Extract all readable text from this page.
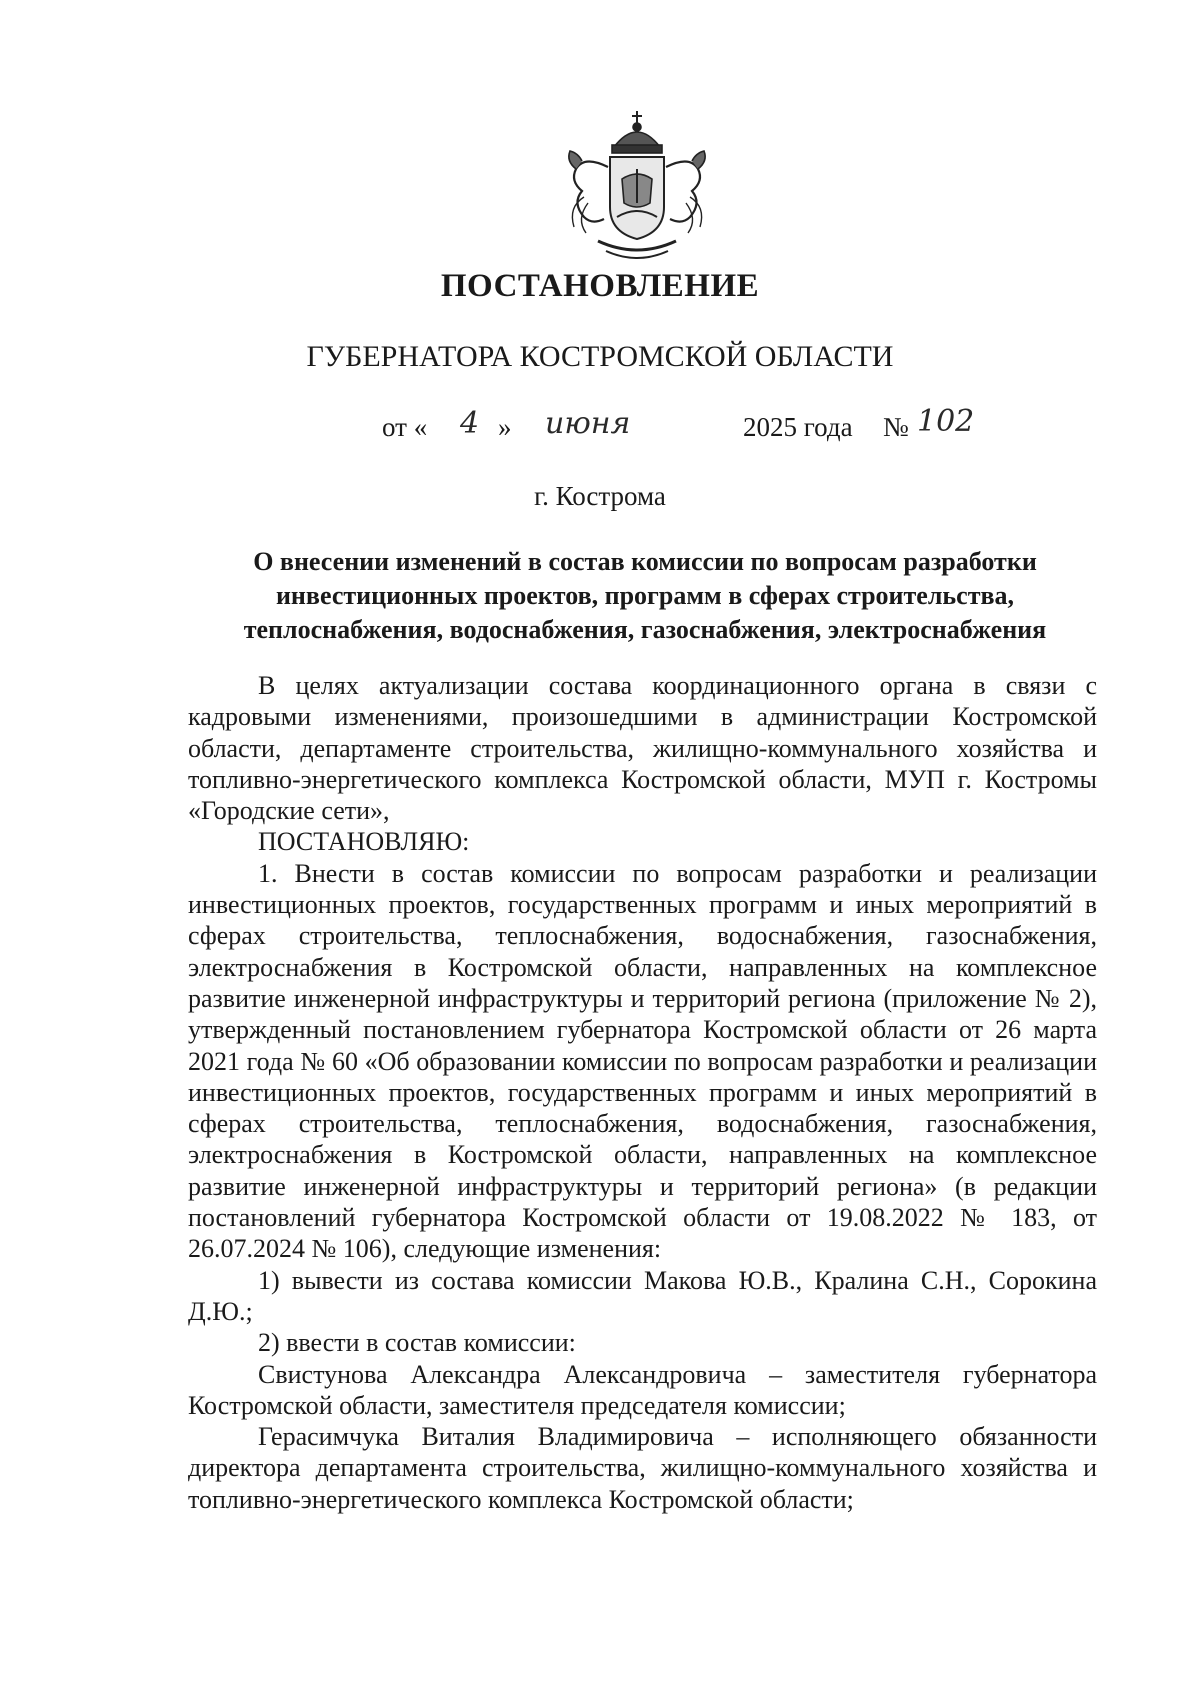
ПОСТАНОВЛЕНИЕ
ГУБЕРНАТОРА КОСТРОМСКОЙ ОБЛАСТИ
от « 4 » июня	2025 года № 102
г. Кострома
О внесении изменений в состав комиссии по вопросам разработки
инвестиционных проектов, программ в сферах строительства,
теплоснабжения, водоснабжения, газоснабжения, электроснабжения

В целях актуализации состава координационного органа в связи с кадровыми изменениями, произошедшими в администрации Костромской области, департаменте строительства, жилищно-коммунального хозяйства и топливно-энергетического комплекса Костромской области, МУП г. Костромы «Городские сети»,

ПОСТАНОВЛЯЮ:

1. Внести в состав комиссии по вопросам разработки и реализации инвестиционных проектов, государственных программ и иных мероприятий в сферах строительства, теплоснабжения, водоснабжения, газоснабжения, электроснабжения в Костромской области, направленных на комплексное развитие инженерной инфраструктуры и территорий региона (приложение № 2), утвержденный постановлением губернатора Костромской области от 26 марта 2021 года № 60 «Об образовании комиссии по вопросам разработки и реализации инвестиционных проектов, государственных программ и иных мероприятий в сферах строительства, теплоснабжения, водоснабжения, газоснабжения, электроснабжения в Костромской области, направленных на комплексное развитие инженерной инфраструктуры и территорий региона» (в редакции постановлений губернатора Костромской области от 19.08.2022 № 183, от 26.07.2024 № 106), следующие изменения:

1) вывести из состава комиссии Макова Ю.В., Кралина С.Н., Сорокина Д.Ю.;

2) ввести в состав комиссии:

Свистунова Александра Александровича – заместителя губернатора Костромской области, заместителя председателя комиссии;

Герасимчука Виталия Владимировича – исполняющего обязанности директора департамента строительства, жилищно-коммунального хозяйства и топливно-энергетического комплекса Костромской области;
